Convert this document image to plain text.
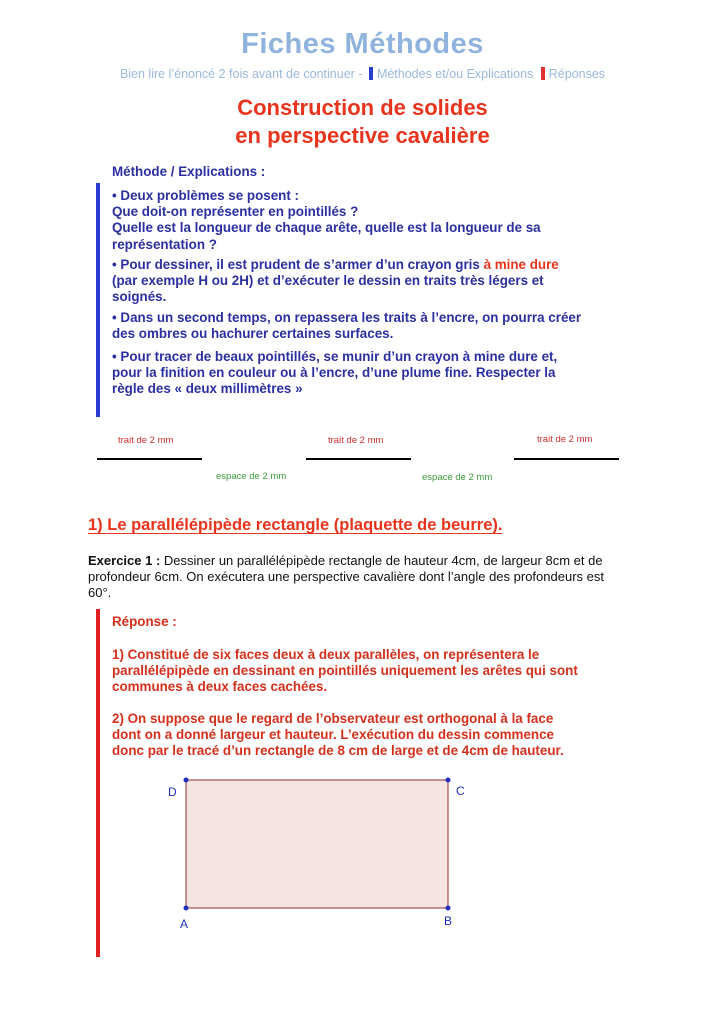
Fiches Méthodes
Bien lire l’énoncé 2 fois avant de continuer - Méthodes et/ou Explications Réponses
Construction de solides
en perspective cavalière
Méthode / Explications :
• Deux problèmes se posent :
Que doit-on représenter en pointillés ?
Quelle est la longueur de chaque arête, quelle est la longueur de sa
représentation ?
• Pour dessiner, il est prudent de s’armer d’un crayon gris à mine dure
(par exemple H ou 2H) et d’exécuter le dessin en traits très légers et
soignés.
• Dans un second temps, on repassera les traits à l’encre, on pourra créer
des ombres ou hachurer certaines surfaces.
• Pour tracer de beaux pointillés, se munir d’un crayon à mine dure et,
pour la finition en couleur ou à l’encre, d’une plume fine. Respecter la
règle des « deux millimètres »
trait de 2 mm	trait de 2 mm	trait de 2 mm
espace de 2 mm	espace de 2 mm
1) Le parallélépipède rectangle (plaquette de beurre).
Exercice 1 : Dessiner un parallélépipède rectangle de hauteur 4cm, de largeur 8cm et de
profondeur 6cm. On exécutera une perspective cavalière dont l’angle des profondeurs est
60°.
Réponse :
1) Constitué de six faces deux à deux parallèles, on représentera le
parallélépipède en dessinant en pointillés uniquement les arêtes qui sont
communes à deux faces cachées.
2) On suppose que le regard de l’observateur est orthogonal à la face
dont on a donné largeur et hauteur. L’exécution du dessin commence
donc par le tracé d’un rectangle de 8 cm de large et de 4cm de hauteur.
D	C
A	B
